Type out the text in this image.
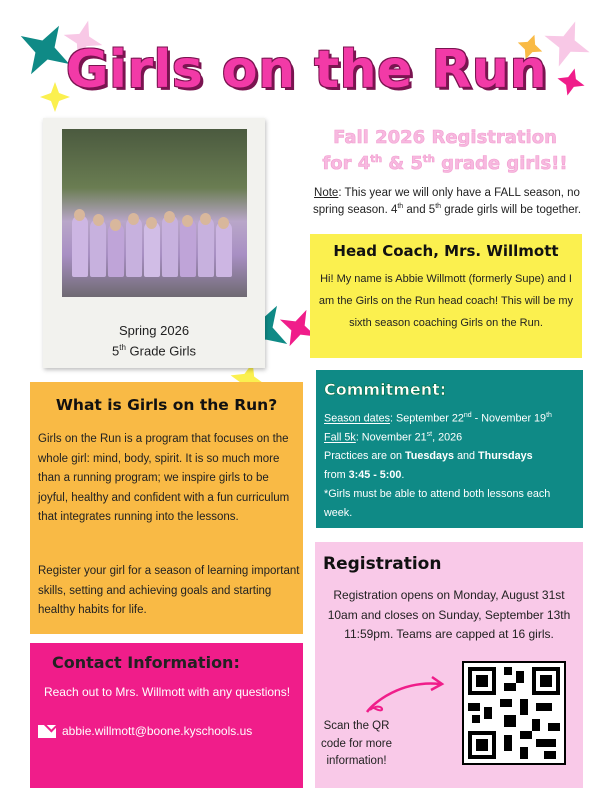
Girls on the Run
Spring 2026
5th Grade Girls
Fall 2026 Registration
for 4th & 5th grade girls!!
Note: This year we will only have a FALL season, no spring season. 4th and 5th grade girls will be together.
Head Coach, Mrs. Willmott

Hi! My name is Abbie Willmott (formerly Supe) and I am the Girls on the Run head coach! This will be my sixth season coaching Girls on the Run.

What is Girls on the Run?

Girls on the Run is a program that focuses on the whole girl: mind, body, spirit. It is so much more than a running program; we inspire girls to be joyful, healthy and confident with a fun curriculum that integrates running into the lessons.

Register your girl for a season of learning important skills, setting and achieving goals and starting healthy habits for life.

Commitment:
Season dates: September 22nd - November 19th
Fall 5k: November 21st, 2026
Practices are on Tuesdays and Thursdays
from 3:45 - 5:00.
*Girls must be able to attend both lessons each week.
Registration

Registration opens on Monday, August 31st 10am and closes on Sunday, September 13th 11:59pm. Teams are capped at 16 girls.

Scan the QR code for more information!
Contact Information:

Reach out to Mrs. Willmott with any questions!

abbie.willmott@boone.kyschools.us
